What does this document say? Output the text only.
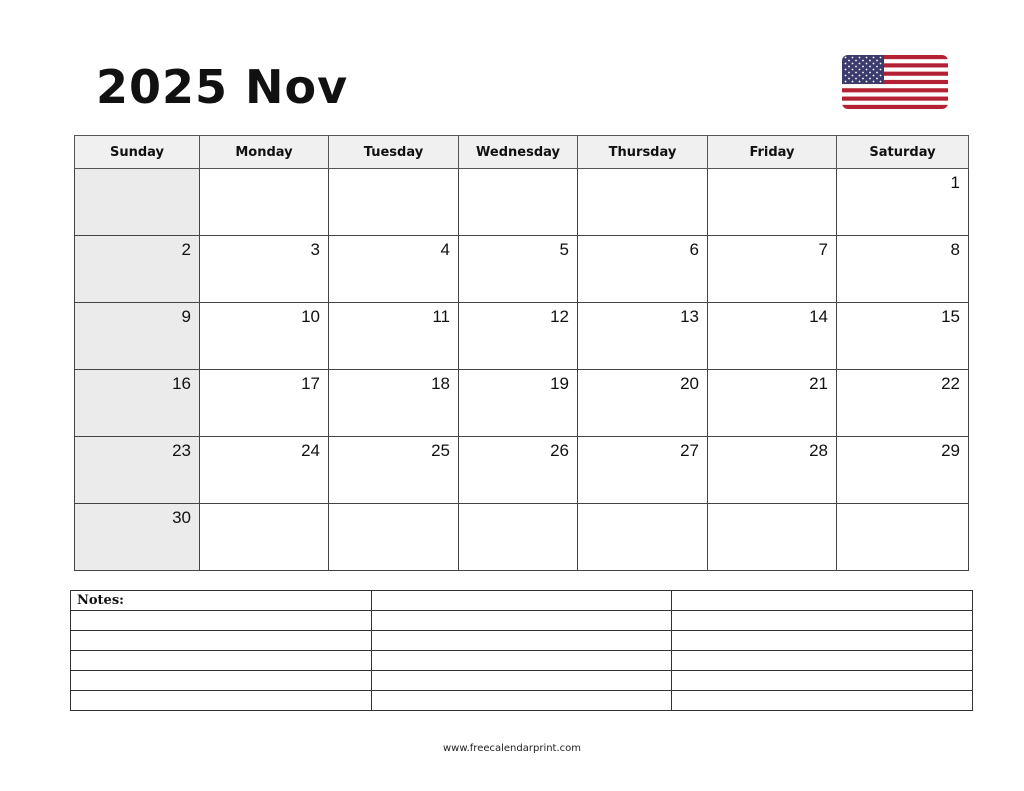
2025 Nov
Sunday	Monday	Tuesday	Wednesday	Thursday	Friday	Saturday

						1

2	3	4	5	6	7	8

9	10	11	12	13	14	15

16	17	18	19	20	21	22

23	24	25	26	27	28	29

30						

Notes:		

www.freecalendarprint.com
